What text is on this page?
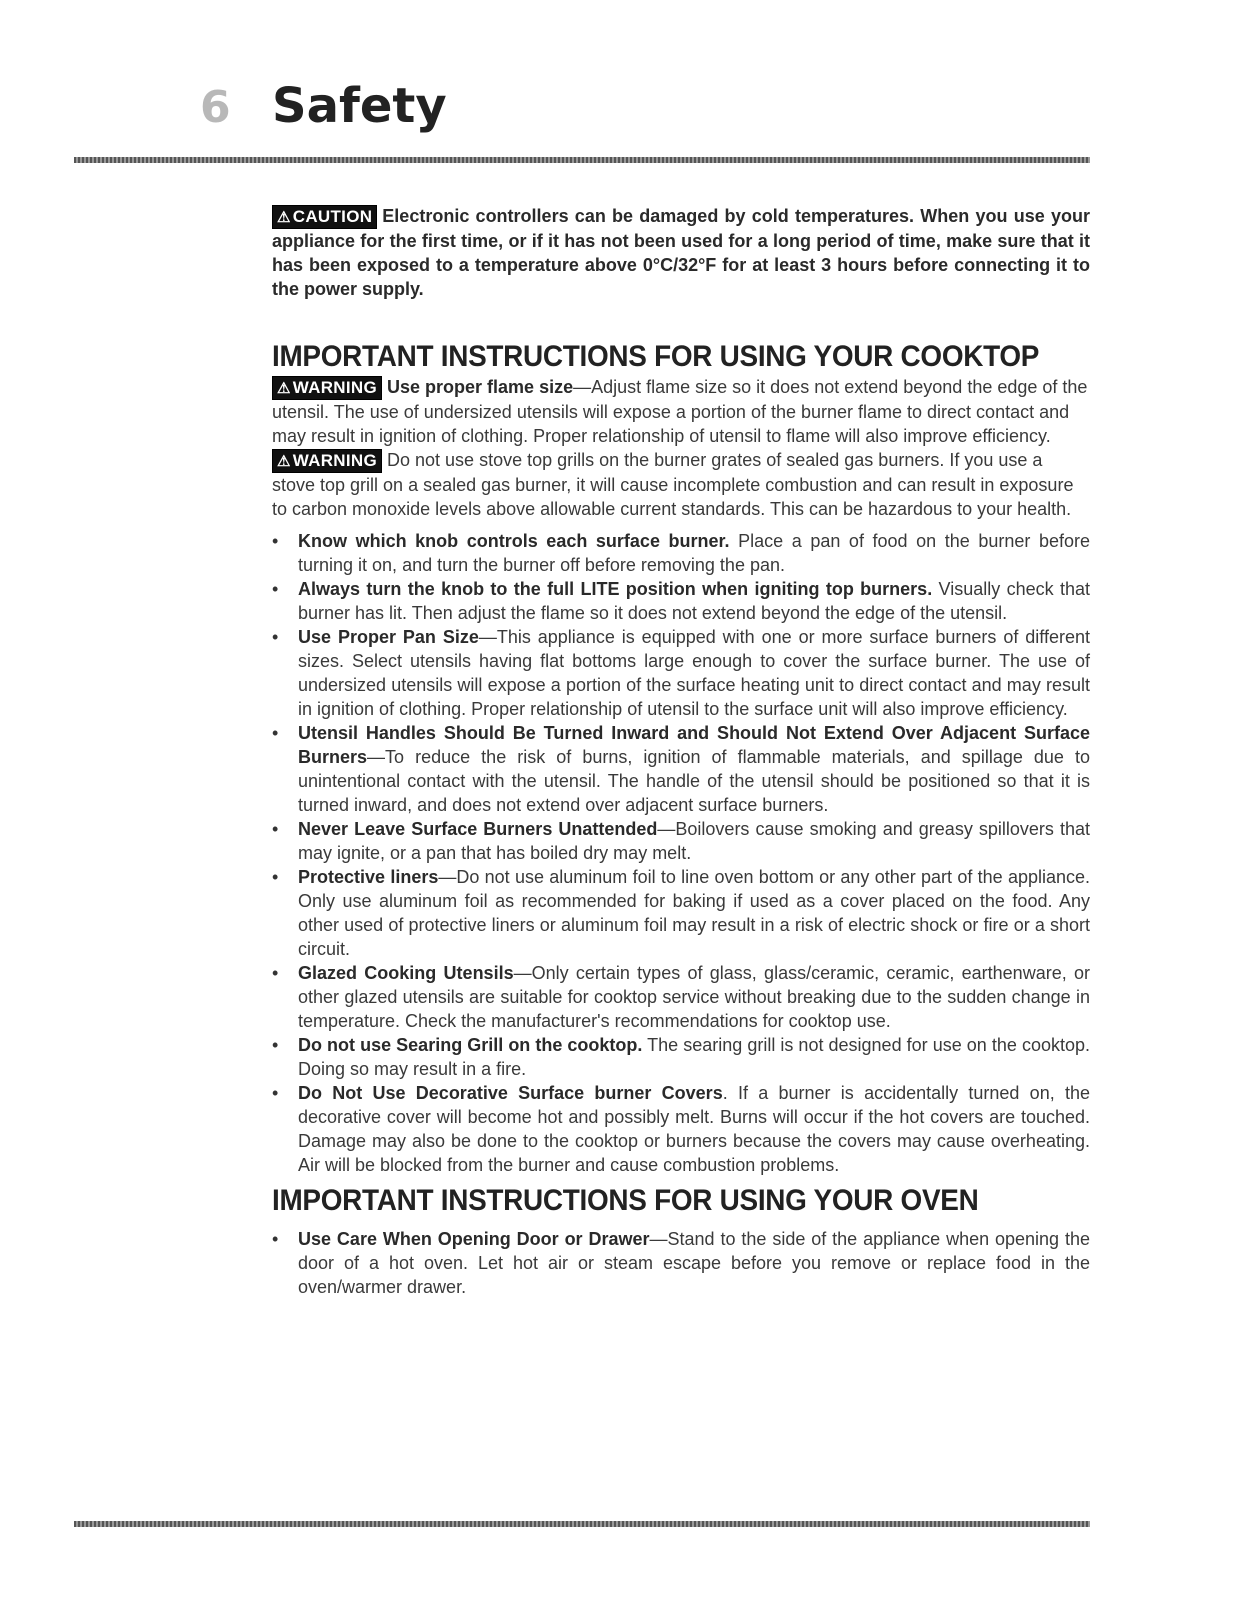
6 Safety

⚠ CAUTION Electronic controllers can be damaged by cold temperatures. When you use your appliance for the first time, or if it has not been used for a long period of time, make sure that it has been exposed to a temperature above 0°C/32°F for at least 3 hours before connecting it to the power supply.

IMPORTANT INSTRUCTIONS FOR USING YOUR COOKTOP

⚠ WARNING Use proper flame size—Adjust flame size so it does not extend beyond the edge of the utensil. The use of undersized utensils will expose a portion of the burner flame to direct contact and may result in ignition of clothing. Proper relationship of utensil to flame will also improve efficiency.

⚠ WARNING Do not use stove top grills on the burner grates of sealed gas burners. If you use a stove top grill on a sealed gas burner, it will cause incomplete combustion and can result in exposure to carbon monoxide levels above allowable current standards. This can be hazardous to your health.

• Know which knob controls each surface burner. Place a pan of food on the burner before turning it on, and turn the burner off before removing the pan.
• Always turn the knob to the full LITE position when igniting top burners. Visually check that burner has lit. Then adjust the flame so it does not extend beyond the edge of the utensil.
• Use Proper Pan Size—This appliance is equipped with one or more surface burners of different sizes. Select utensils having flat bottoms large enough to cover the surface burner. The use of undersized utensils will expose a portion of the surface heating unit to direct contact and may result in ignition of clothing. Proper relationship of utensil to the surface unit will also improve efficiency.
• Utensil Handles Should Be Turned Inward and Should Not Extend Over Adjacent Surface Burners—To reduce the risk of burns, ignition of flammable materials, and spillage due to unintentional contact with the utensil. The handle of the utensil should be positioned so that it is turned inward, and does not extend over adjacent surface burners.
• Never Leave Surface Burners Unattended—Boilovers cause smoking and greasy spillovers that may ignite, or a pan that has boiled dry may melt.
• Protective liners—Do not use aluminum foil to line oven bottom or any other part of the appliance. Only use aluminum foil as recommended for baking if used as a cover placed on the food. Any other used of protective liners or aluminum foil may result in a risk of electric shock or fire or a short circuit.
• Glazed Cooking Utensils—Only certain types of glass, glass/ceramic, ceramic, earthenware, or other glazed utensils are suitable for cooktop service without breaking due to the sudden change in temperature. Check the manufacturer's recommendations for cooktop use.
• Do not use Searing Grill on the cooktop. The searing grill is not designed for use on the cooktop. Doing so may result in a fire.
• Do Not Use Decorative Surface burner Covers. If a burner is accidentally turned on, the decorative cover will become hot and possibly melt. Burns will occur if the hot covers are touched. Damage may also be done to the cooktop or burners because the covers may cause overheating. Air will be blocked from the burner and cause combustion problems.
IMPORTANT INSTRUCTIONS FOR USING YOUR OVEN
• Use Care When Opening Door or Drawer—Stand to the side of the appliance when opening the door of a hot oven. Let hot air or steam escape before you remove or replace food in the oven/warmer drawer.
